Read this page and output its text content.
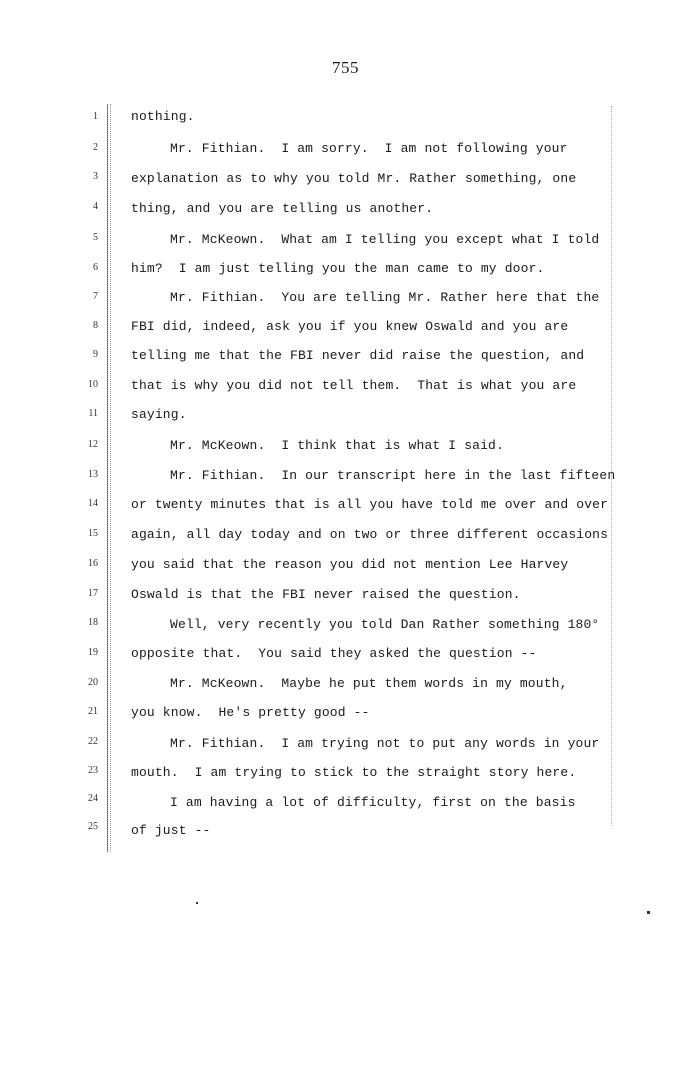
755
1
2
3
4
5
6
7
8
9
10
11
12
13
14
15
16
17
18
19
20
21
22
23
24
25
nothing.
Mr. Fithian.  I am sorry.  I am not following your
explanation as to why you told Mr. Rather something, one
thing, and you are telling us another.
Mr. McKeown.  What am I telling you except what I told
him?  I am just telling you the man came to my door.
Mr. Fithian.  You are telling Mr. Rather here that the
FBI did, indeed, ask you if you knew Oswald and you are
telling me that the FBI never did raise the question, and
that is why you did not tell them.  That is what you are
saying.
Mr. McKeown.  I think that is what I said.
Mr. Fithian.  In our transcript here in the last fifteen
or twenty minutes that is all you have told me over and over
again, all day today and on two or three different occasions
you said that the reason you did not mention Lee Harvey
Oswald is that the FBI never raised the question.
Well, very recently you told Dan Rather something 180°
opposite that.  You said they asked the question --
Mr. McKeown.  Maybe he put them words in my mouth,
you know.  He's pretty good --
Mr. Fithian.  I am trying not to put any words in your
mouth.  I am trying to stick to the straight story here.
I am having a lot of difficulty, first on the basis
of just --
